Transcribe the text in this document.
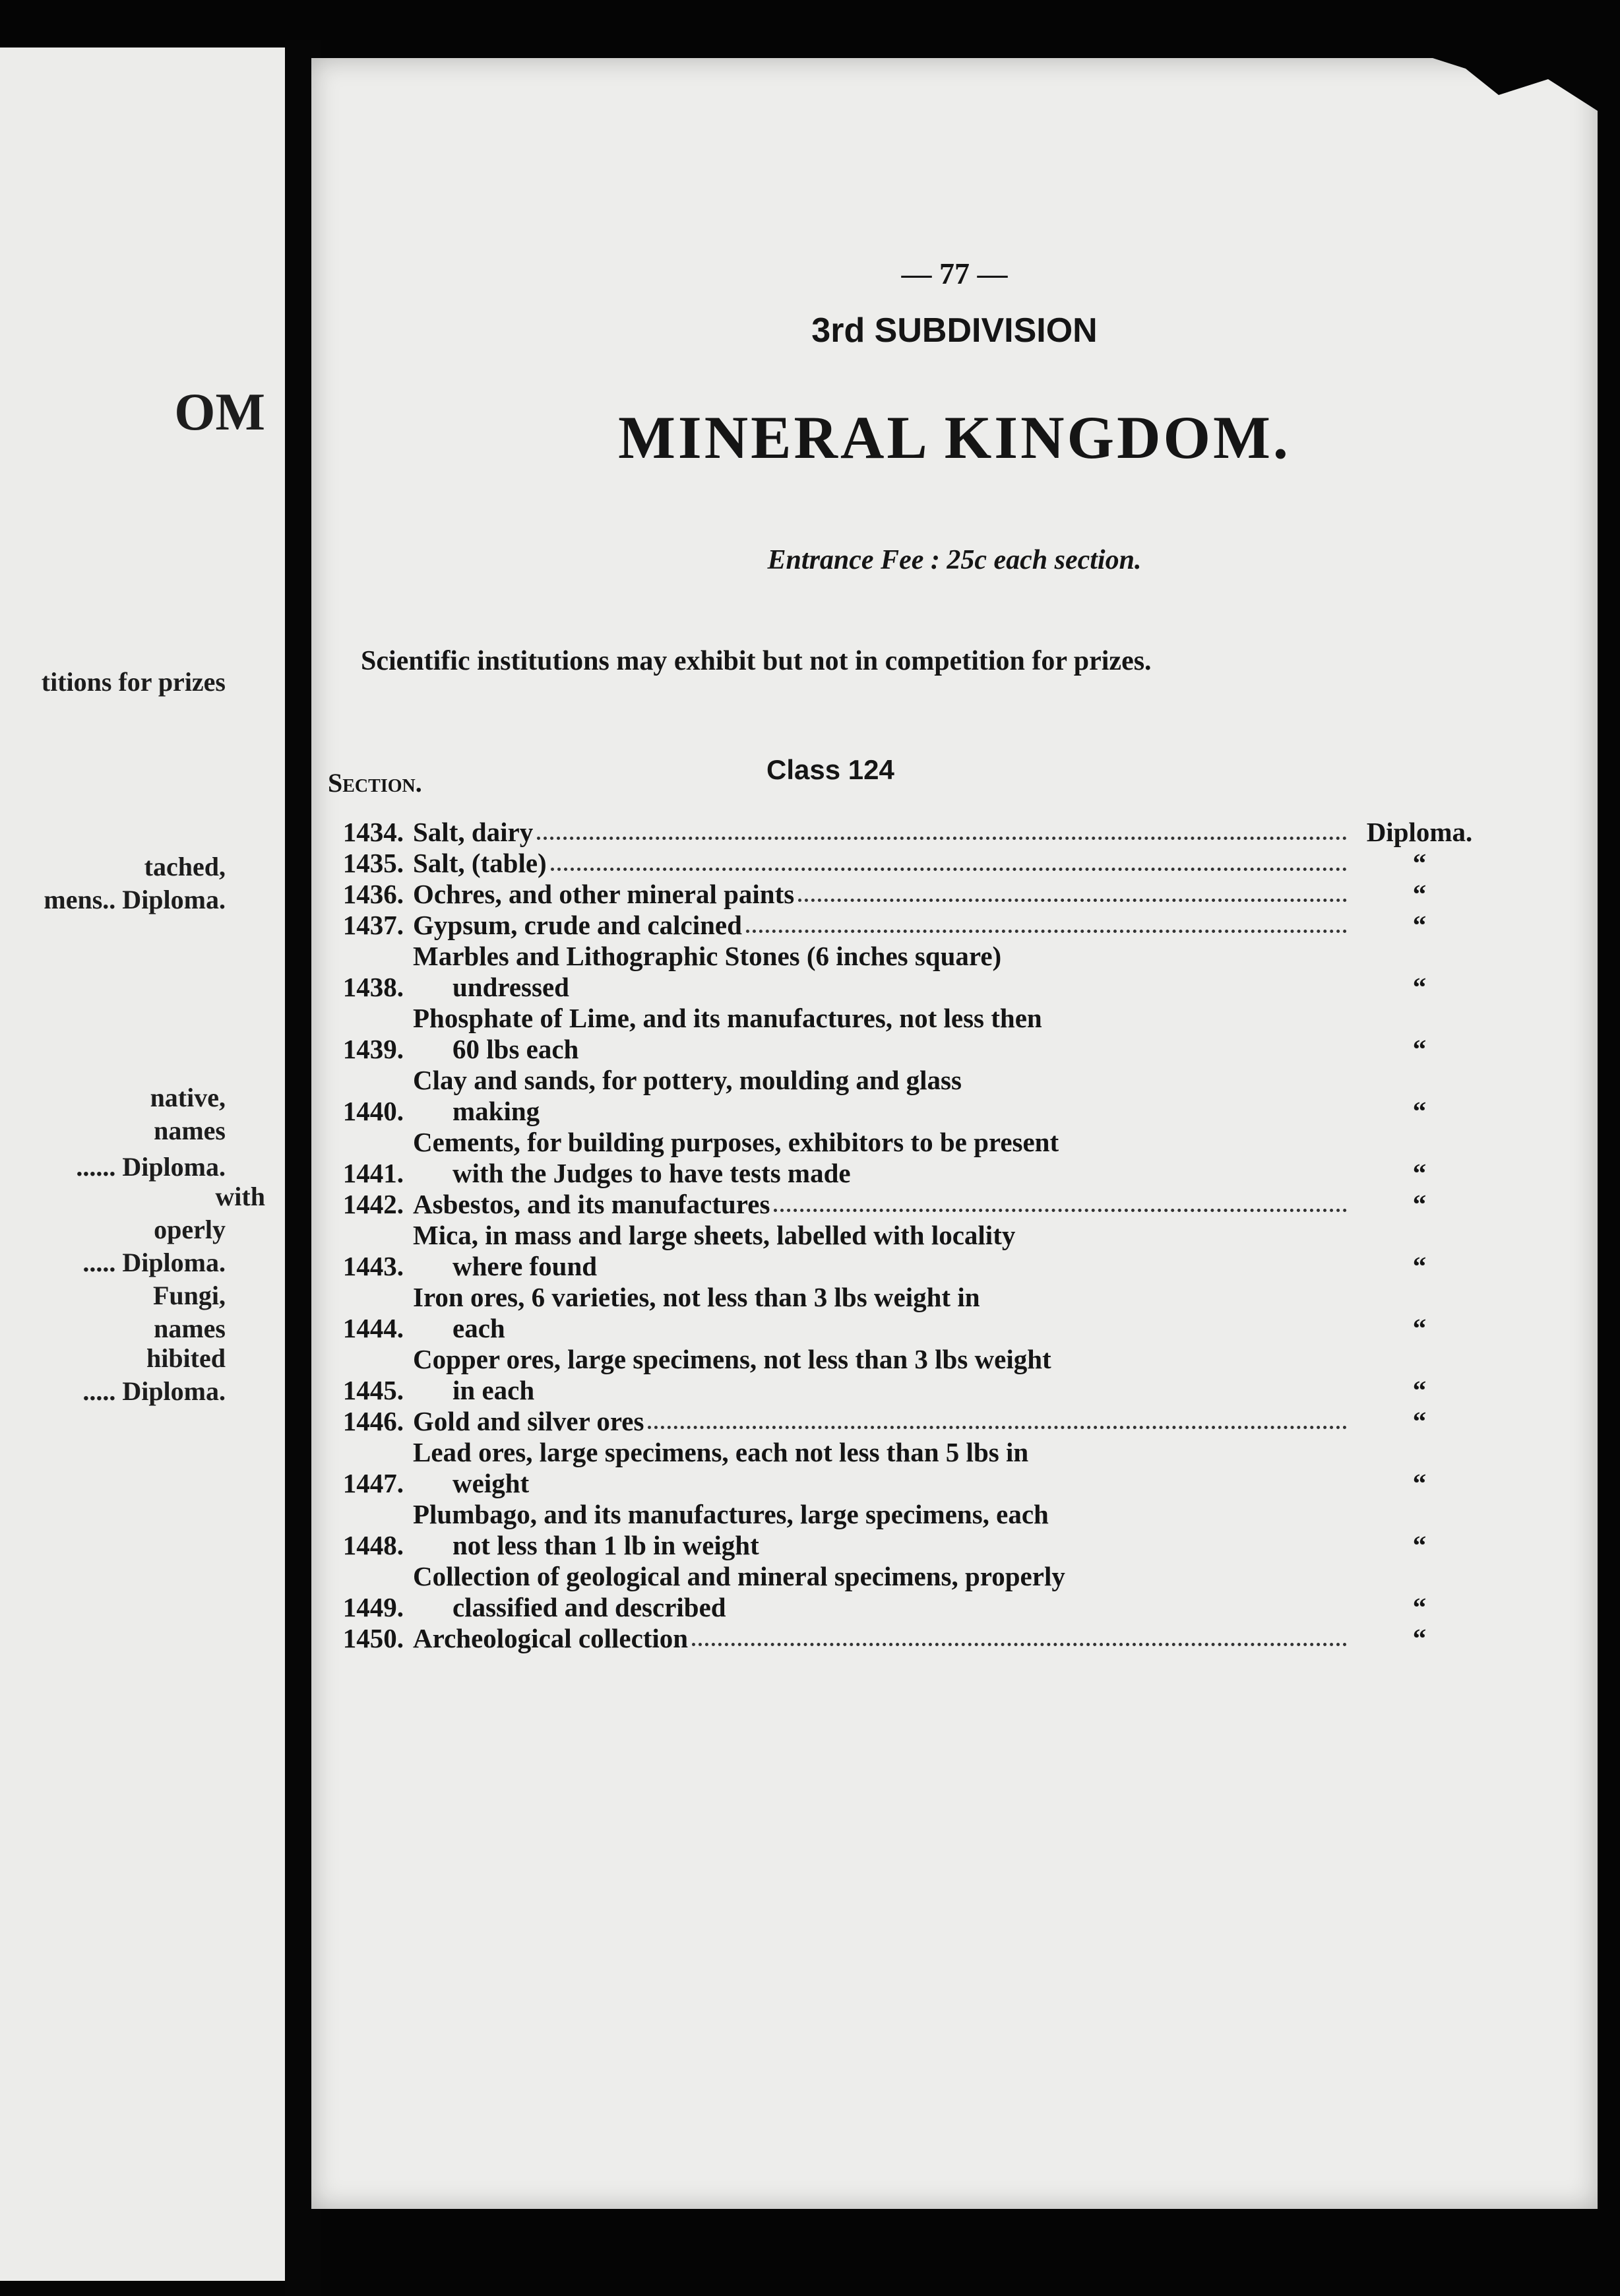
OM
titions for prizes
tached,
mens.. Diploma.
native,
names
...... Diploma.
with
operly
..... Diploma.
Fungi,
names
hibited
..... Diploma.
— 77 —
3rd SUBDIVISION
MINERAL KINGDOM.
Entrance Fee : 25c each section.
Scientific institutions may exhibit but not in competition for prizes.
Section.	Class 124
1434. Salt, dairy	Diploma.
1435. Salt, (table)	“
1436. Ochres, and other mineral paints	“
1437. Gypsum, crude and calcined	“
1438.
Marbles and Lithographic Stones (6 inches square)
undressed	“
1439.
Phosphate of Lime, and its manufactures, not less then
60 lbs each	“
1440.
Clay and sands, for pottery, moulding and glass
making	“
1441.
Cements, for building purposes, exhibitors to be present
with the Judges to have tests made	“
1442. Asbestos, and its manufactures	“
1443.
Mica, in mass and large sheets, labelled with locality
where found	“
1444.
Iron ores, 6 varieties, not less than 3 lbs weight in
each	“
1445.
Copper ores, large specimens, not less than 3 lbs weight
in each	“
1446. Gold and silver ores	“
1447.
Lead ores, large specimens, each not less than 5 lbs in
weight	“
1448.
Plumbago, and its manufactures, large specimens, each
not less than 1 lb in weight	“
1449.
Collection of geological and mineral specimens, properly
classified and described	“
1450. Archeological collection	“
